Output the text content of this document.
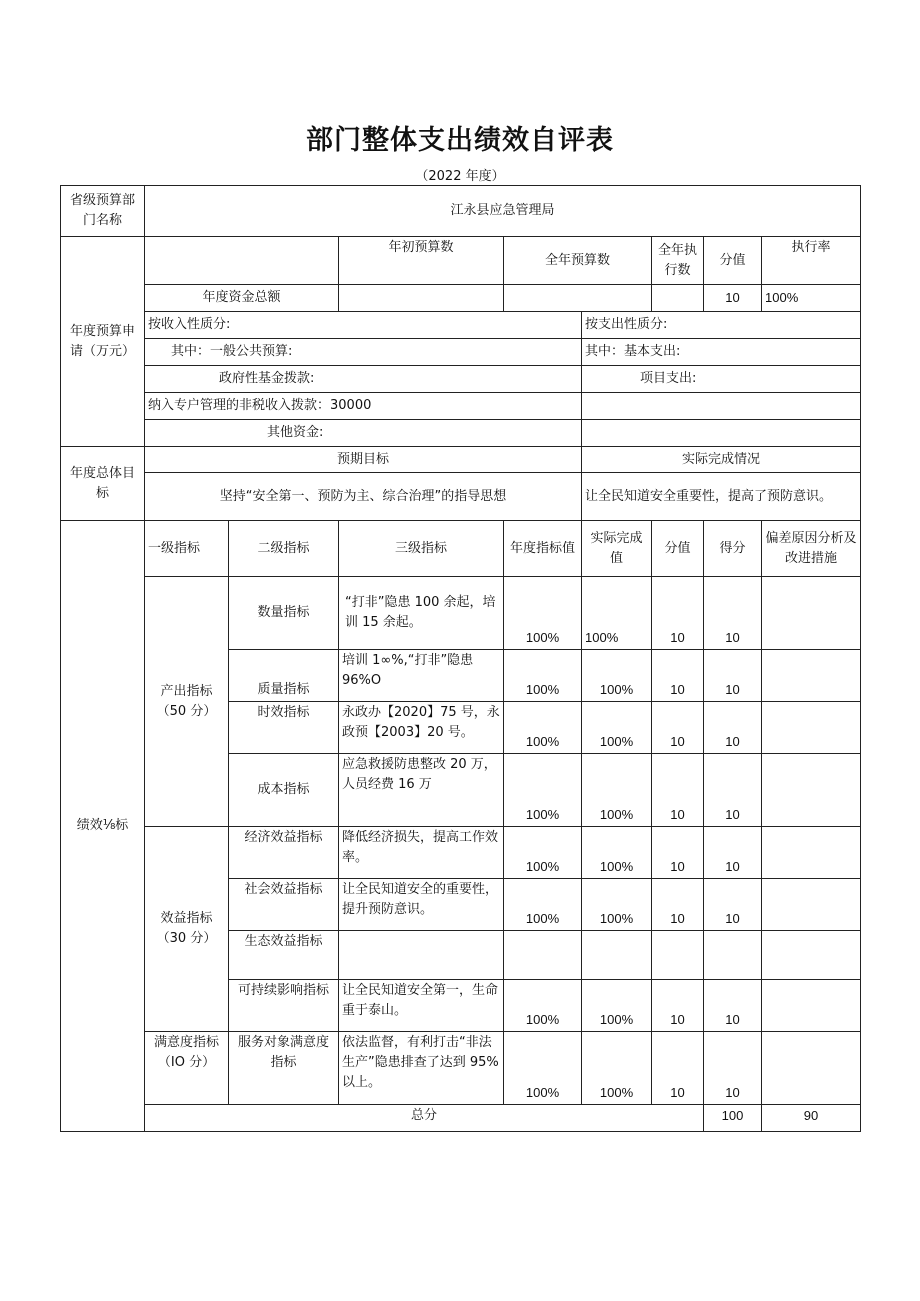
部门整体支出绩效自评表
（2022 年度）
省级预算部门名称	江永县应急管理局								
年度预算申请（万元）			年初预算数	全年预算数		全年执行数	分值	执行率	
	年度资金总额						10	100%	
	按收入性质分:				按支出性质分:				
	其中：一般公共预算:				其中：基本支出:				
	政府性基金拨款:				项目支出:				
	纳入专户管理的非税收入拨款：30000								
	其他资金:								

年度总体目标	预期目标				实际完成情况				
	坚持“安全第一、预防为主、综合治理”的指导思想				让全民知道安全重要性，提高了预防意识。				
绩效⅛标	一级指标	二级指标	三级指标	年度指标值	实际完成值	分值	得分	偏差原因分析及改进措施	
	产出指标（50 分）	数量指标	“打非”隐患 100 余起，培训 15 余起。	100%	100%	10	10		
		质量指标	培训 1∞%,“打非”隐患 96%O	100%	100%	10	10		
		时效指标	永政办【2020】75 号，永政预【2003】20 号。	100%	100%	10	10		
		成本指标	应急救援防患整改 20 万，人员经费 16 万	100%	100%	10	10		
	效益指标（30 分）	经济效益指标	降低经济损失，提高工作效率。	100%	100%	10	10		
		社会效益指标	让全民知道安全的重要性，提升预防意识。	100%	100%	10	10		
		生态效益指标							
		可持续影响指标	让全民知道安全第一，生命重于泰山。	100%	100%	10	10		
	满意度指标（IO 分）	服务对象满意度指标	依法监督，有利打击“非法生产”隐患排查了达到 95%以上。	100%	100%	10	10		
	总分						100	90	
